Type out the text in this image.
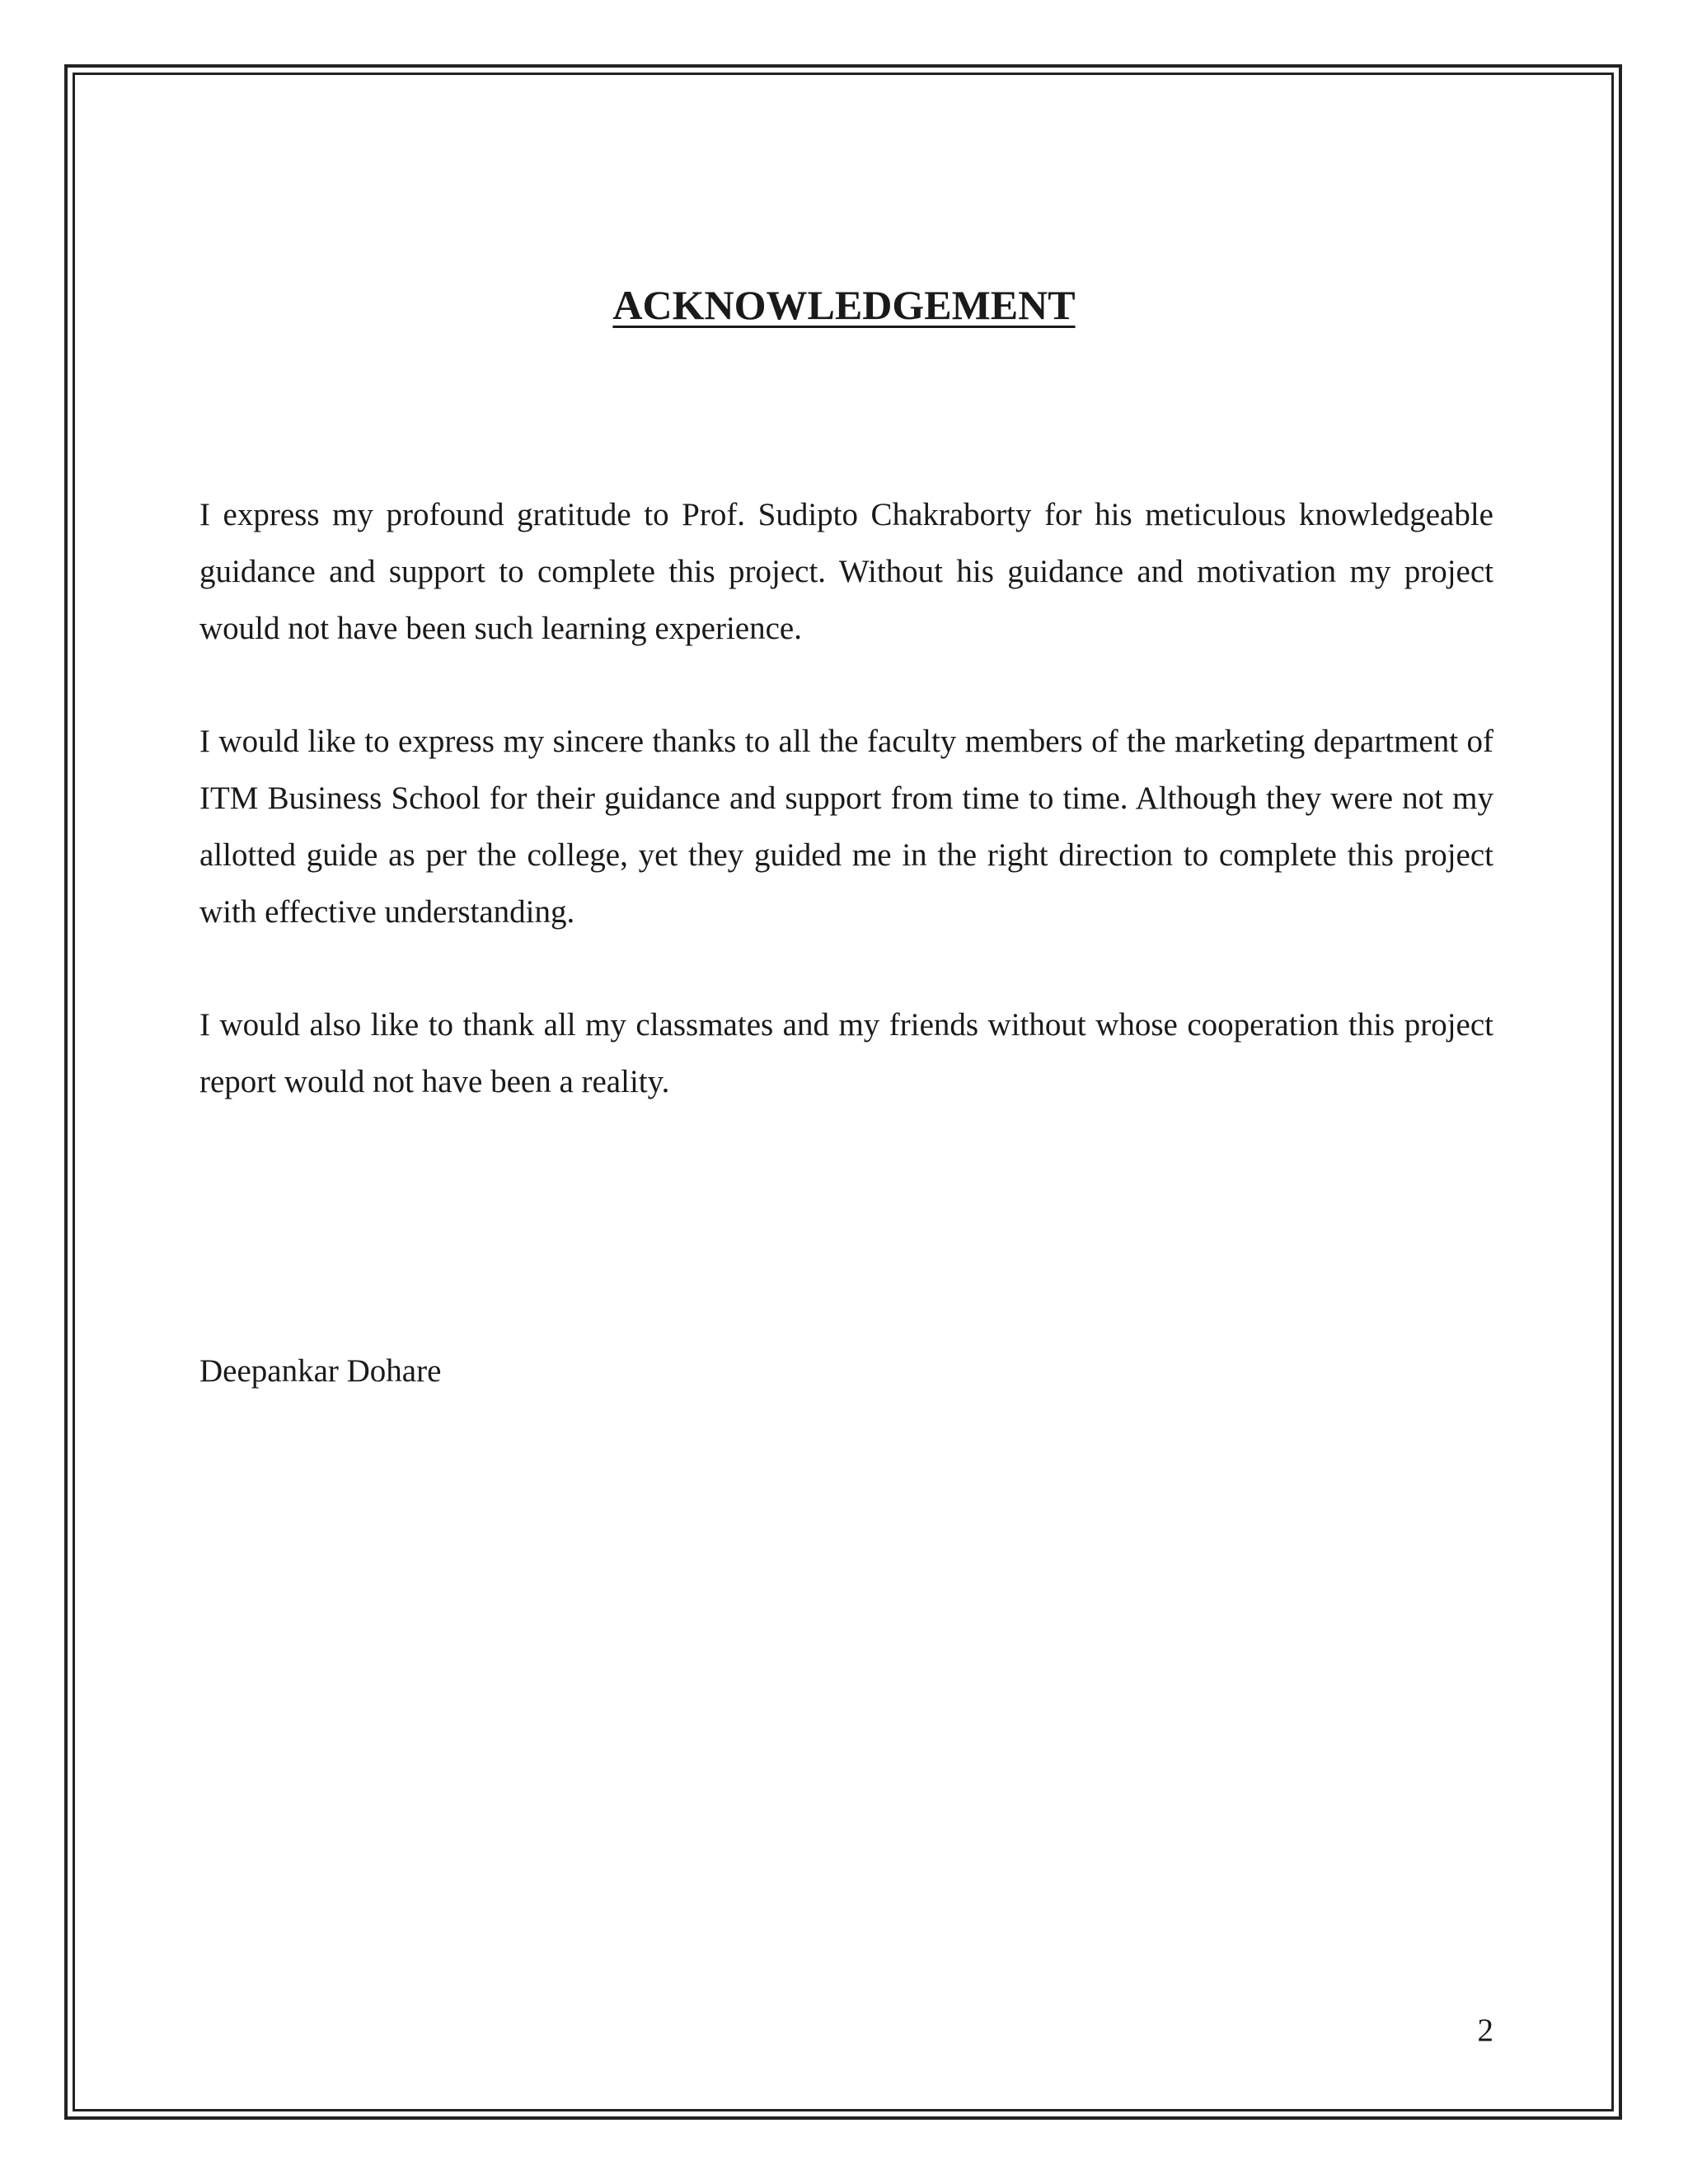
ACKNOWLEDGEMENT

I express my profound gratitude to Prof. Sudipto Chakraborty for his meticulous knowledgeable guidance and support to complete this project. Without his guidance and motivation my project would not have been such learning experience.

I would like to express my sincere thanks to all the faculty members of the marketing department of ITM Business School for their guidance and support from time to time. Although they were not my allotted guide as per the college, yet they guided me in the right direction to complete this project with effective understanding.

I would also like to thank all my classmates and my friends without whose cooperation this project report would not have been a reality.

Deepankar Dohare

2
